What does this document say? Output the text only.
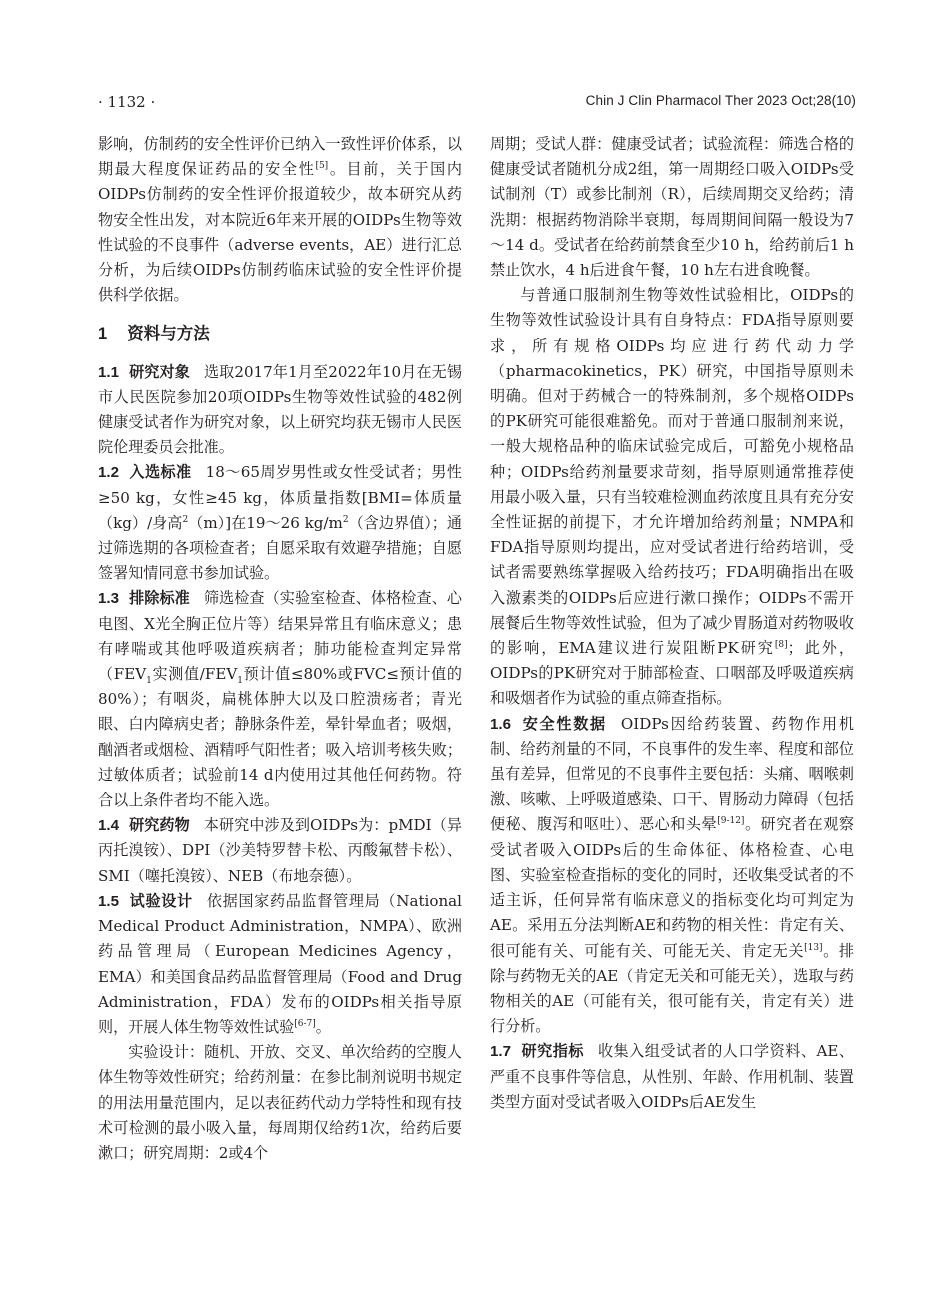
· 1132 ·	Chin J Clin Pharmacol Ther 2023 Oct;28(10)

影响，仿制药的安全性评价已纳入一致性评价体系，以期最大程度保证药品的安全性[5]。目前，关于国内OIDPs仿制药的安全性评价报道较少，故本研究从药物安全性出发，对本院近6年来开展的OIDPs生物等效性试验的不良事件（adverse events，AE）进行汇总分析，为后续OIDPs仿制药临床试验的安全性评价提供科学依据。

1 资料与方法

1.1 研究对象 选取2017年1月至2022年10月在无锡市人民医院参加20项OIDPs生物等效性试验的482例健康受试者作为研究对象，以上研究均获无锡市人民医院伦理委员会批准。

1.2 入选标准 18～65周岁男性或女性受试者；男性≥50 kg，女性≥45 kg，体质量指数[BMI=体质量（kg）/身高$^2$（m）]在19～26 $kg/m^2$（含边界值）；通过筛选期的各项检查者；自愿采取有效避孕措施；自愿签署知情同意书参加试验。

1.3 排除标准 筛选检查（实验室检查、体格检查、心电图、X光全胸正位片等）结果异常且有临床意义；患有哮喘或其他呼吸道疾病者；肺功能检查判定异常（$FEV_1$实测值$/FEV_1$预计值≤80%或FVC≤预计值的80%）；有咽炎，扁桃体肿大以及口腔溃疡者；青光眼、白内障病史者；静脉条件差，晕针晕血者；吸烟，酗酒者或烟检、酒精呼气阳性者；吸入培训考核失败；过敏体质者；试验前14 d内使用过其他任何药物。符合以上条件者均不能入选。

1.4 研究药物 本研究中涉及到OIDPs为：pMDI（异丙托溴铵）、DPI（沙美特罗替卡松、丙酸氟替卡松）、SMI（噻托溴铵）、NEB（布地奈德）。

1.5 试验设计 依据国家药品监督管理局（National Medical Product Administration，NMPA）、欧洲药品管理局（European Medicines Agency，EMA）和美国食品药品监督管理局（Food and Drug Administration，FDA）发布的OIDPs相关指导原则，开展人体生物等效性试验[6-7]。

实验设计：随机、开放、交叉、单次给药的空腹人体生物等效性研究；给药剂量：在参比制剂说明书规定的用法用量范围内，足以表征药代动力学特性和现有技术可检测的最小吸入量，每周期仅给药1次，给药后要漱口；研究周期：2或4个

周期；受试人群：健康受试者；试验流程：筛选合格的健康受试者随机分成2组，第一周期经口吸入OIDPs受试制剂（T）或参比制剂（R），后续周期交叉给药；清洗期：根据药物消除半衰期，每周期间间隔一般设为7～14 d。受试者在给药前禁食至少10 h，给药前后1 h禁止饮水，4 h后进食午餐，10 h左右进食晚餐。

与普通口服制剂生物等效性试验相比，OIDPs的生物等效性试验设计具有自身特点：FDA指导原则要求，所有规格OIDPs均应进行药代动力学（pharmacokinetics，PK）研究，中国指导原则未明确。但对于药械合一的特殊制剂，多个规格OIDPs的PK研究可能很难豁免。而对于普通口服制剂来说，一般大规格品种的临床试验完成后，可豁免小规格品种；OIDPs给药剂量要求苛刻，指导原则通常推荐使用最小吸入量，只有当较难检测血药浓度且具有充分安全性证据的前提下，才允许增加给药剂量；NMPA和FDA指导原则均提出，应对受试者进行给药培训，受试者需要熟练掌握吸入给药技巧；FDA明确指出在吸入激素类的OIDPs后应进行漱口操作；OIDPs不需开展餐后生物等效性试验，但为了减少胃肠道对药物吸收的影响，EMA建议进行炭阻断PK研究[8]；此外，OIDPs的PK研究对于肺部检查、口咽部及呼吸道疾病和吸烟者作为试验的重点筛查指标。

1.6 安全性数据 OIDPs因给药装置、药物作用机制、给药剂量的不同，不良事件的发生率、程度和部位虽有差异，但常见的不良事件主要包括：头痛、咽喉刺激、咳嗽、上呼吸道感染、口干、胃肠动力障碍（包括便秘、腹泻和呕吐）、恶心和头晕[9-12]。研究者在观察受试者吸入OIDPs后的生命体征、体格检查、心电图、实验室检查指标的变化的同时，还收集受试者的不适主诉，任何异常有临床意义的指标变化均可判定为AE。采用五分法判断AE和药物的相关性：肯定有关、很可能有关、可能有关、可能无关、肯定无关[13]。排除与药物无关的AE（肯定无关和可能无关），选取与药物相关的AE（可能有关，很可能有关，肯定有关）进行分析。

1.7 研究指标 收集入组受试者的人口学资料、AE、严重不良事件等信息，从性别、年龄、作用机制、装置类型方面对受试者吸入OIDPs后AE发生
